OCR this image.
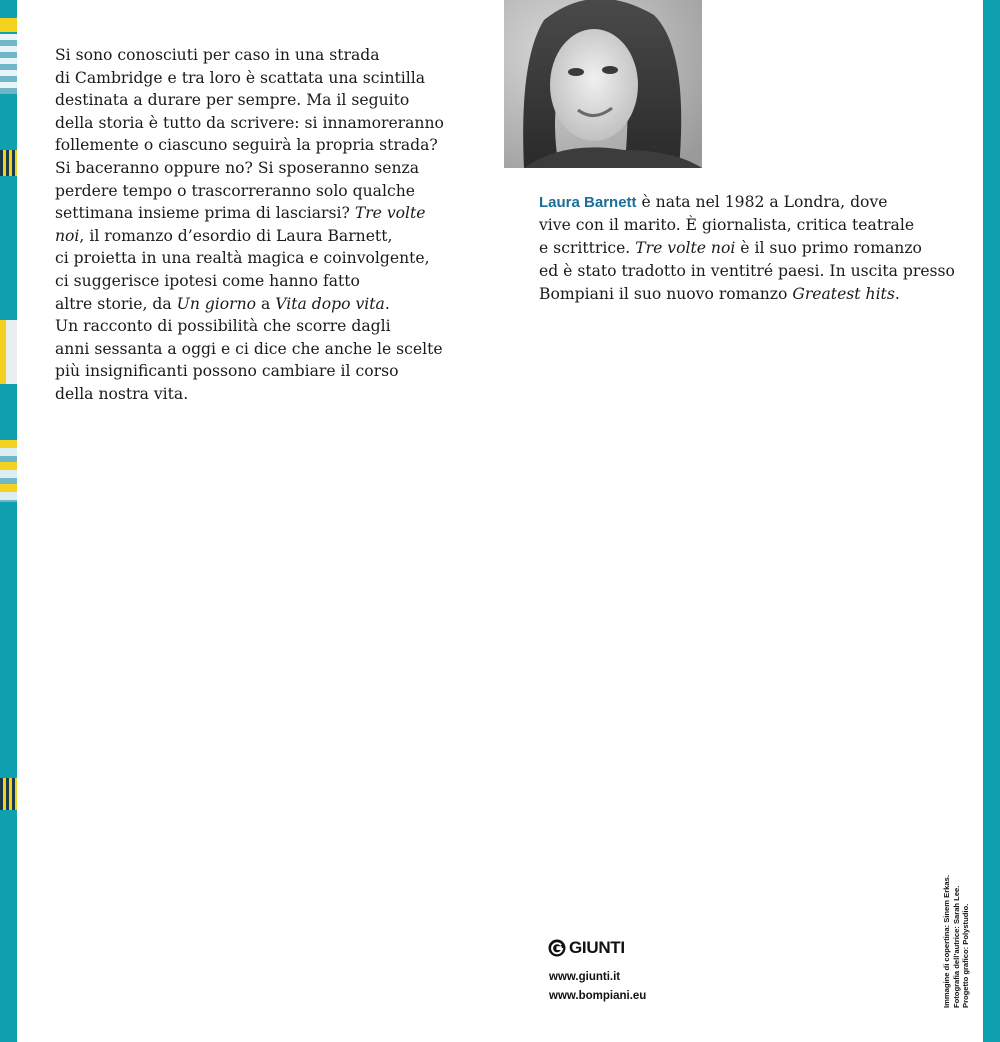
Si sono conosciuti per caso in una strada
di Cambridge e tra loro è scattata una scintilla
destinata a durare per sempre. Ma il seguito
della storia è tutto da scrivere: si innamoreranno
follemente o ciascuno seguirà la propria strada?
Si baceranno oppure no? Si sposeranno senza
perdere tempo o trascorreranno solo qualche
settimana insieme prima di lasciarsi? Tre volte
noi, il romanzo d’esordio di Laura Barnett,
ci proietta in una realtà magica e coinvolgente,
ci suggerisce ipotesi come hanno fatto
altre storie, da Un giorno a Vita dopo vita.
Un racconto di possibilità che scorre dagli
anni sessanta a oggi e ci dice che anche le scelte
più insignificanti possono cambiare il corso
della nostra vita.

Laura Barnett è nata nel 1982 a Londra, dove
vive con il marito. È giornalista, critica teatrale
e scrittrice. Tre volte noi è il suo primo romanzo
ed è stato tradotto in ventitré paesi. In uscita presso
Bompiani il suo nuovo romanzo Greatest hits.

GIUNTI
www.giunti.it
www.bompiani.eu	Immagine di copertina: Sinem Erkas. Fotografia dell’autrice: Sarah Lee. Progetto grafico: Polystudio.
